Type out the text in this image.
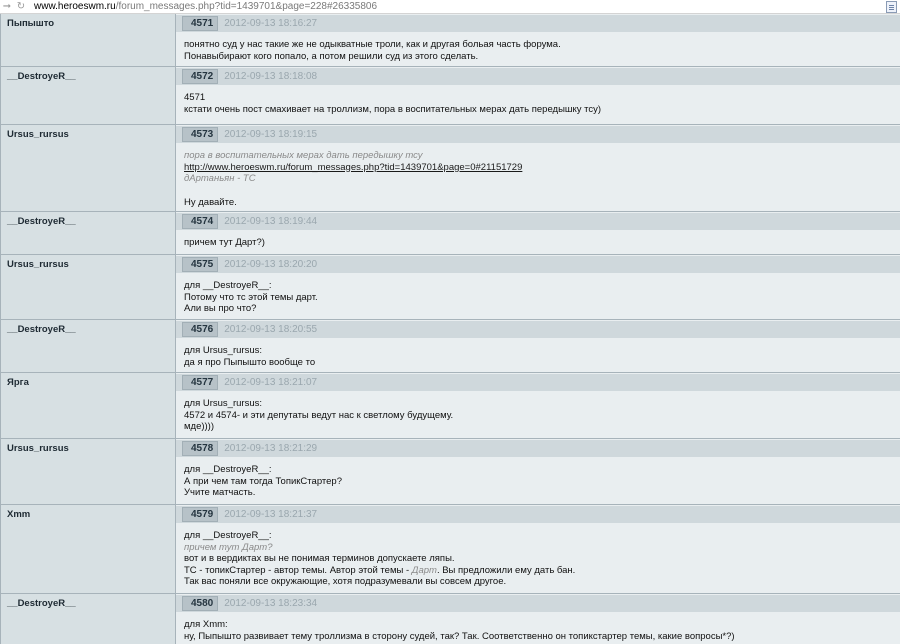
➞ ↻ www.heroeswm.ru/forum_messages.php?tid=1439701&page=228#26335806
Пыпышто	4571	2012-09-13 18:16:27
понятно суд у нас такие же не одыкватные троли, как и другая больая часть форума.
Понавыбирают кого попало, а потом решили суд из этого сделать.
__DestroyeR__	4572	2012-09-13 18:18:08
4571
кстати очень пост смахивает на троллизм, пора в воспитательных мерах дать передышку тсу)
Ursus_rursus	4573	2012-09-13 18:19:15
пора в воспитательных мерах дать передышку тсу
http://www.heroeswm.ru/forum_messages.php?tid=1439701&page=0#21151729
дАртаньян - ТС
Ну давайте.
__DestroyeR__	4574	2012-09-13 18:19:44
причем тут Дарт?)
Ursus_rursus	4575	2012-09-13 18:20:20
для __DestroyeR__:
Потому что тс этой темы дарт.
Али вы про что?
__DestroyeR__	4576	2012-09-13 18:20:55
для Ursus_rursus:
да я про Пыпышто вообще то
Ярга	4577	2012-09-13 18:21:07
для Ursus_rursus:
4572 и 4574- и эти депутаты ведут нас к светлому будущему.
мде))))
Ursus_rursus	4578	2012-09-13 18:21:29
для __DestroyeR__:
А при чем там тогда ТопикСтартер?
Учите матчасть.
Хmm	4579	2012-09-13 18:21:37
для __DestroyeR__:
причем тут Дарт?
вот и в вердиктах вы не понимая терминов допускаете ляпы.
ТС - топикСтартер - автор темы. Автор этой темы - Дарт. Вы предложили ему дать бан.
Так вас поняли все окружающие, хотя подразумевали вы совсем другое.
__DestroyeR__	4580	2012-09-13 18:23:34
для Хmm:
ну, Пыпышто развивает тему троллизма в сторону судей, так? Так. Соответственно он топикстартер темы, какие вопросы*?)
